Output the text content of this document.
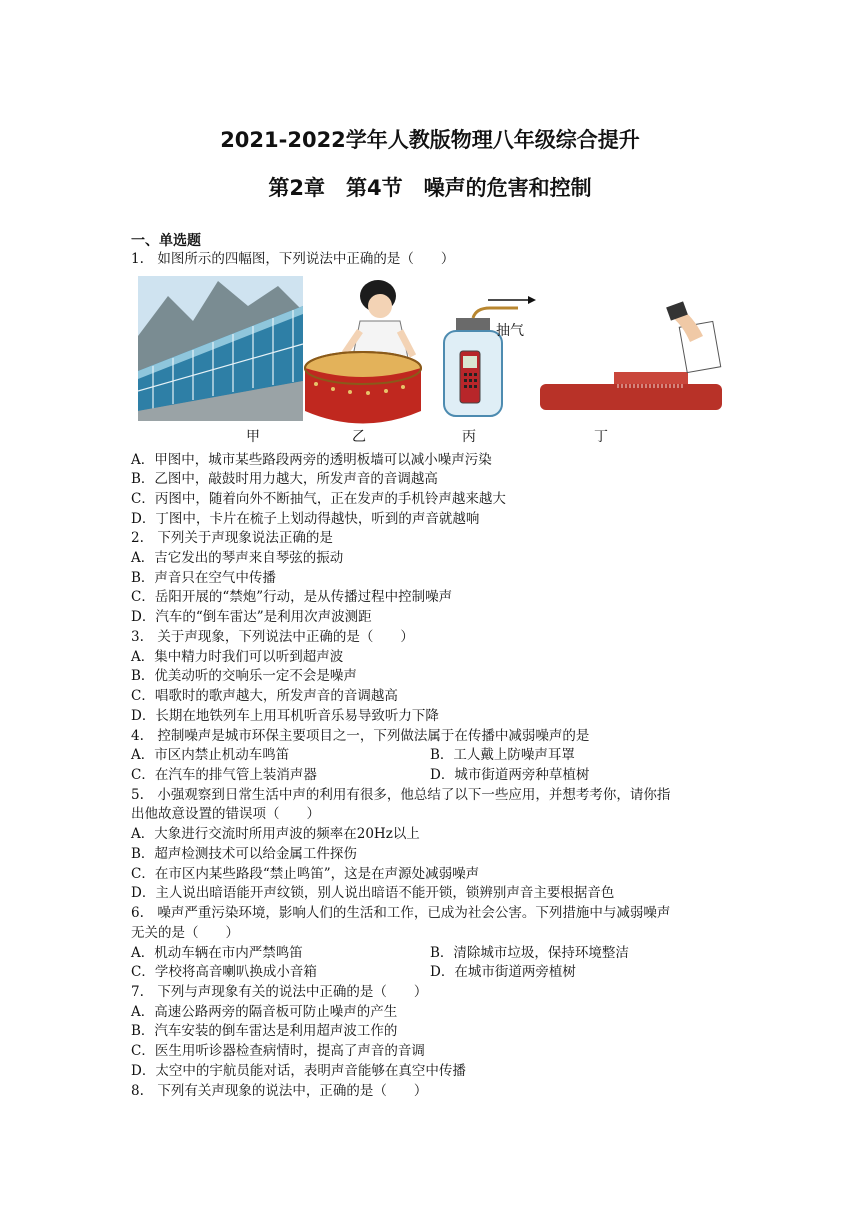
2021-2022学年人教版物理八年级综合提升
第2章　第4节　噪声的危害和控制
一、单选题
1.　如图所示的四幅图，下列说法中正确的是（　　）
抽气
甲	乙	丙	丁
A．甲图中，城市某些路段两旁的透明板墙可以减小噪声污染
B．乙图中，敲鼓时用力越大，所发声音的音调越高
C．丙图中，随着向外不断抽气，正在发声的手机铃声越来越大
D．丁图中，卡片在梳子上划动得越快，听到的声音就越响
2.　下列关于声现象说法正确的是
A．吉它发出的琴声来自琴弦的振动
B．声音只在空气中传播
C．岳阳开展的“禁炮”行动，是从传播过程中控制噪声
D．汽车的“倒车雷达”是利用次声波测距
3.　关于声现象，下列说法中正确的是（　　）
A．集中精力时我们可以听到超声波
B．优美动听的交响乐一定不会是噪声
C．唱歌时的歌声越大，所发声音的音调越高
D．长期在地铁列车上用耳机听音乐易导致听力下降
4.　控制噪声是城市环保主要项目之一，下列做法属于在传播中减弱噪声的是
A．市区内禁止机动车鸣笛	B．工人戴上防噪声耳罩
C．在汽车的排气管上装消声器	D．城市街道两旁种草植树
5.　小强观察到日常生活中声的利用有很多，他总结了以下一些应用，并想考考你，请你指
出他故意设置的错误项（　　）
A．大象进行交流时所用声波的频率在20Hz以上
B．超声检测技术可以给金属工件探伤
C．在市区内某些路段“禁止鸣笛”，这是在声源处减弱噪声
D．主人说出暗语能开声纹锁，别人说出暗语不能开锁，锁辨别声音主要根据音色
6.　噪声严重污染环境，影响人们的生活和工作，已成为社会公害。下列措施中与减弱噪声
无关的是（　　）
A．机动车辆在市内严禁鸣笛	B．清除城市垃圾，保持环境整洁
C．学校将高音喇叭换成小音箱	D．在城市街道两旁植树
7.　下列与声现象有关的说法中正确的是（　　）
A．高速公路两旁的隔音板可防止噪声的产生
B．汽车安装的倒车雷达是利用超声波工作的
C．医生用听诊器检查病情时，提高了声音的音调
D．太空中的宇航员能对话，表明声音能够在真空中传播
8.　下列有关声现象的说法中，正确的是（　　）
